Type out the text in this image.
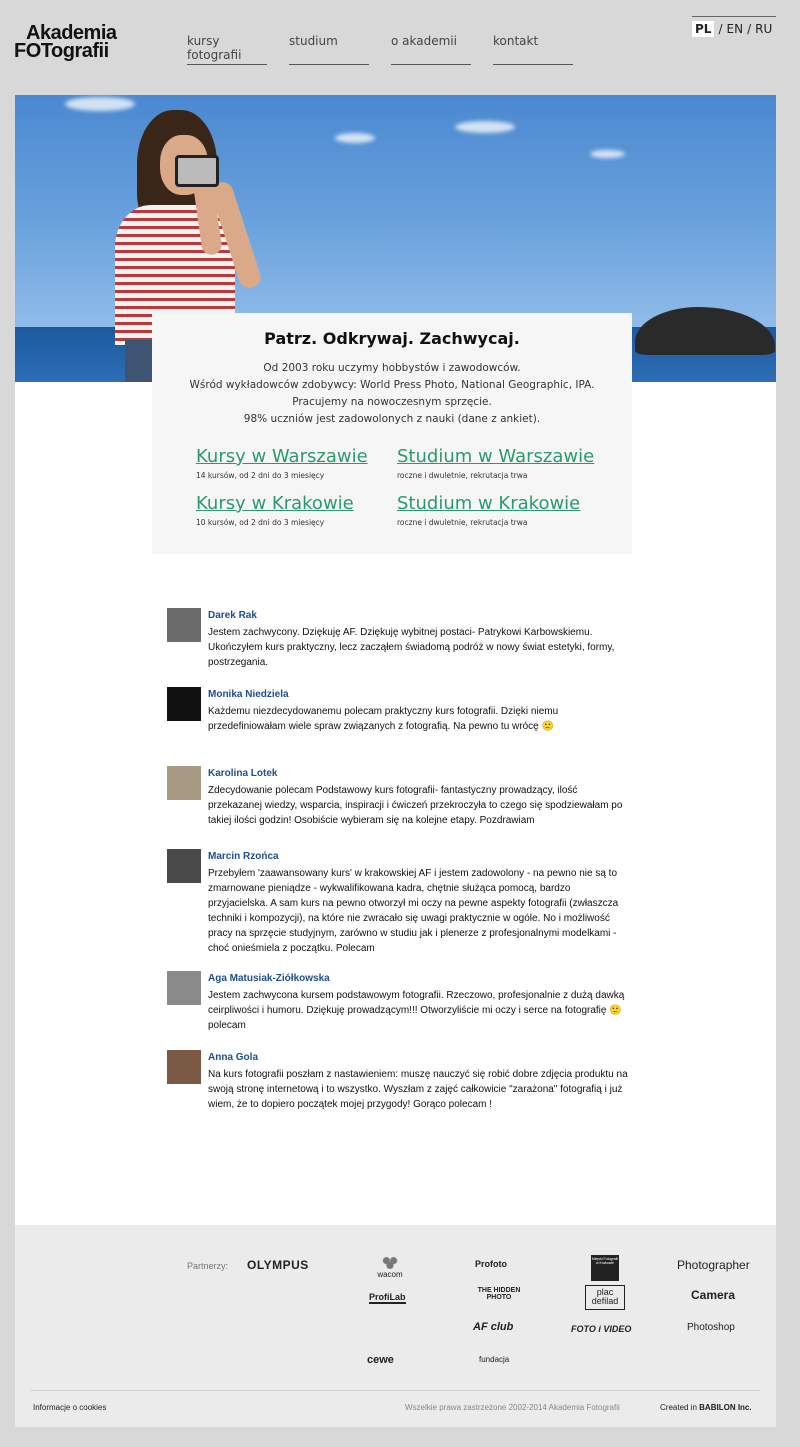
Akademia
FOTografii	kursy fotografii
studium	o akademii	kontakt
PL / EN / RU
Patrz. Odkrywaj. Zachwycaj.
Od 2003 roku uczymy hobbystów i zawodowców.
Wśród wykładowców zdobywcy: World Press Photo, National Geographic, IPA.
Pracujemy na nowoczesnym sprzęcie.
98% uczniów jest zadowolonych z nauki (dane z ankiet).
Kursy w Warszawie
14 kursów, od 2 dni do 3 miesięcy
Studium w Warszawie
roczne i dwuletnie, rekrutacja trwa
Kursy w Krakowie
10 kursów, od 2 dni do 3 miesięcy
Studium w Krakowie
roczne i dwuletnie, rekrutacja trwa
Darek Rak
Jestem zachwycony. Dziękuję AF. Dziękuję wybitnej postaci- Patrykowi Karbowskiemu. Ukończyłem kurs praktyczny, lecz zacząłem świadomą podróż w nowy świat estetyki, formy, postrzegania.
Monika Niedziela
Każdemu niezdecydowanemu polecam praktyczny kurs fotografii. Dzięki niemu przedefiniowałam wiele spraw związanych z fotografią. Na pewno tu wrócę 🙂
Karolina Lotek
Zdecydowanie polecam Podstawowy kurs fotografii- fantastyczny prowadzący, ilość przekazanej wiedzy, wsparcia, inspiracji i ćwiczeń przekroczyła to czego się spodziewałam po takiej ilości godzin! Osobiście wybieram się na kolejne etapy. Pozdrawiam
Marcin Rzońca
Przebyłem 'zaawansowany kurs' w krakowskiej AF i jestem zadowolony - na pewno nie są to zmarnowane pieniądze - wykwalifikowana kadra, chętnie służąca pomocą, bardzo przyjacielska. A sam kurs na pewno otworzył mi oczy na pewne aspekty fotografii (zwłaszcza techniki i kompozycji), na które nie zwracało się uwagi praktycznie w ogóle. No i możliwość pracy na sprzęcie studyjnym, zarówno w studiu jak i plenerze z profesjonalnymi modelkami - choć onieśmiela z początku. Polecam
Aga Matusiak-Ziółkowska
Jestem zachwycona kursem podstawowym fotografii. Rzeczowo, profesjonalnie z dużą dawką ceirpliwości i humoru. Dziękuję prowadzącym!!! Otworzyliście mi oczy i serce na fotografię 🙂 polecam
Anna Gola
Na kurs fotografii poszłam z nastawieniem: muszę nauczyć się robić dobre zdjęcia produktu na swoją stronę internetową i to wszystko. Wyszłam z zajęć całkowicie "zarażona" fotografią i już wiem, że to dopiero początek mojej przygody! Gorąco polecam !
Partnerzy: OLYMPUS
wacom
Profoto	Miejski Fotografii w Krakowie	Photographer
ProfiLab
THE HIDDEN PHOTO
plac defilad	Camera
AF club	FOTO i VIDEO	Photoshop
cewe	fundacja
Informacje o cookies	Wszelkie prawa zastrzeżone 2002-2014 Akademia Fotografii	Created in BABILON Inc.
